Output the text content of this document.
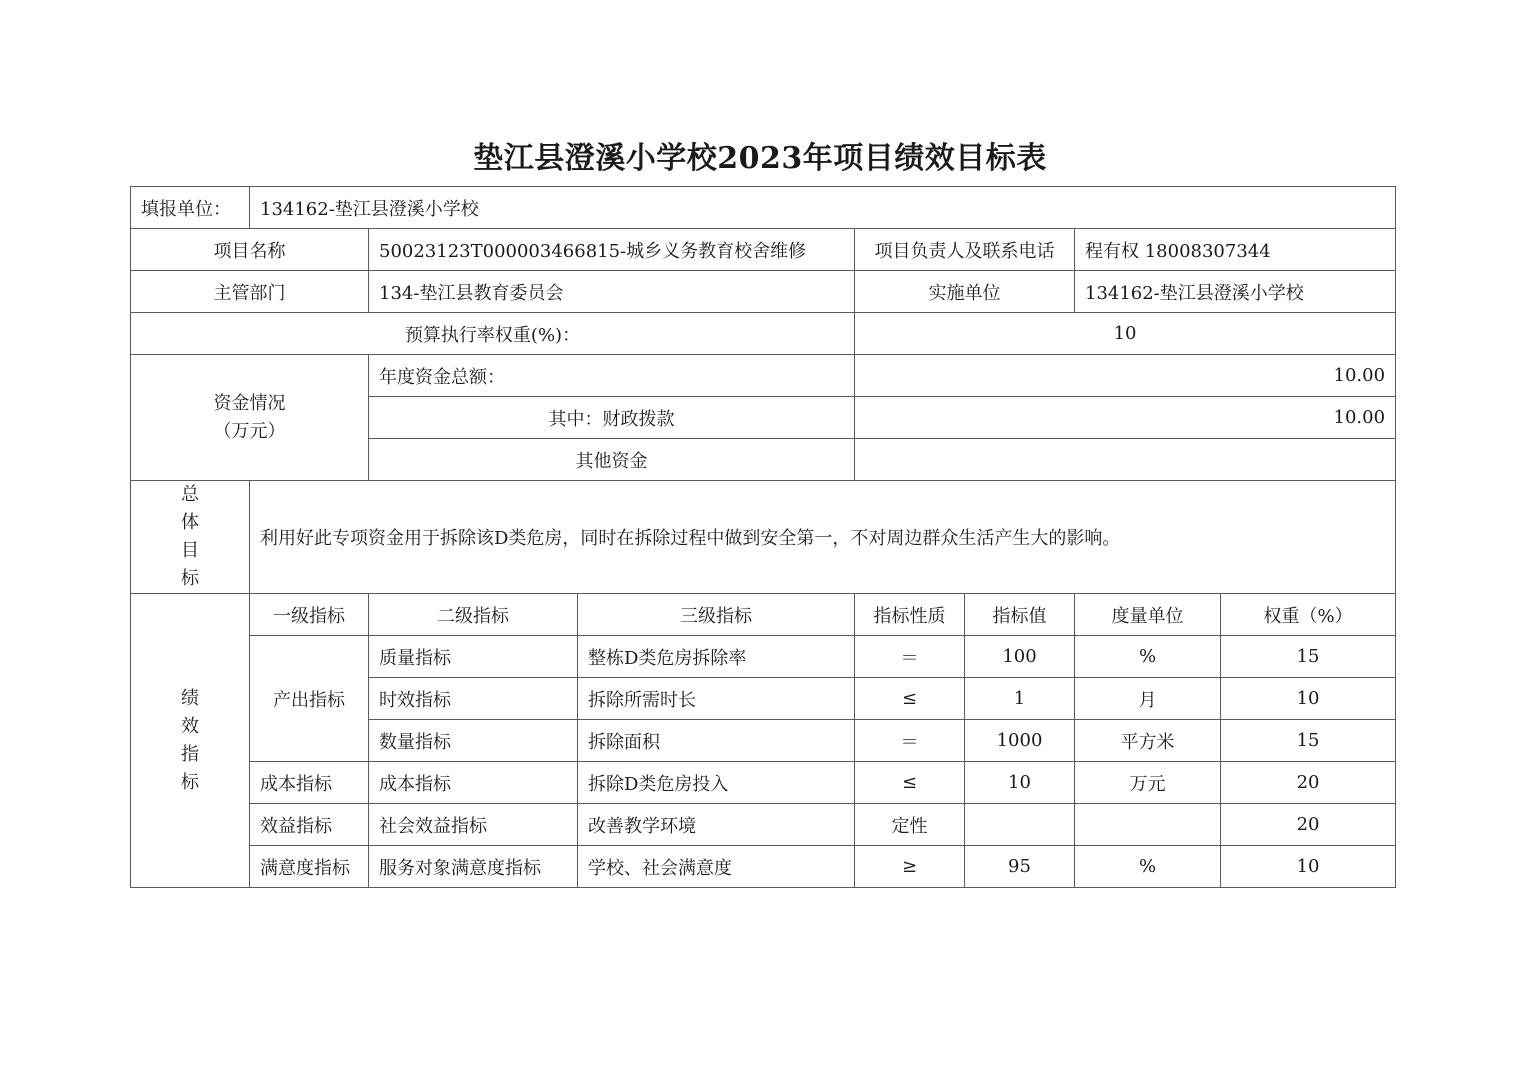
垫江县澄溪小学校2023年项目绩效目标表
填报单位：	134162-垫江县澄溪小学校						
项目名称		50023123T000003466815-城乡义务教育校舍维修		项目负责人及联系电话		程有权 18008307344	
主管部门		134-垫江县教育委员会		实施单位		134162-垫江县澄溪小学校	
预算执行率权重(%)：				10			
资金情况
（万元）		年度资金总额：		10.00			
		其中：财政拨款		10.00			
		其他资金					

总
体
目
标	利用好此专项资金用于拆除该D类危房，同时在拆除过程中做到安全第一，不对周边群众生活产生大的影响。						

绩
效
指
标	一级指标	二级指标	三级指标	指标性质	指标值	度量单位	权重（%）
	产出指标	质量指标	整栋D类危房拆除率	＝	100	%	15
		时效指标	拆除所需时长	≤	1	月	10
		数量指标	拆除面积	＝	1000	平方米	15
	成本指标	成本指标	拆除D类危房投入	≤	10	万元	20
	效益指标	社会效益指标	改善教学环境	定性			20
	满意度指标	服务对象满意度指标	学校、社会满意度	≥	95	%	10
